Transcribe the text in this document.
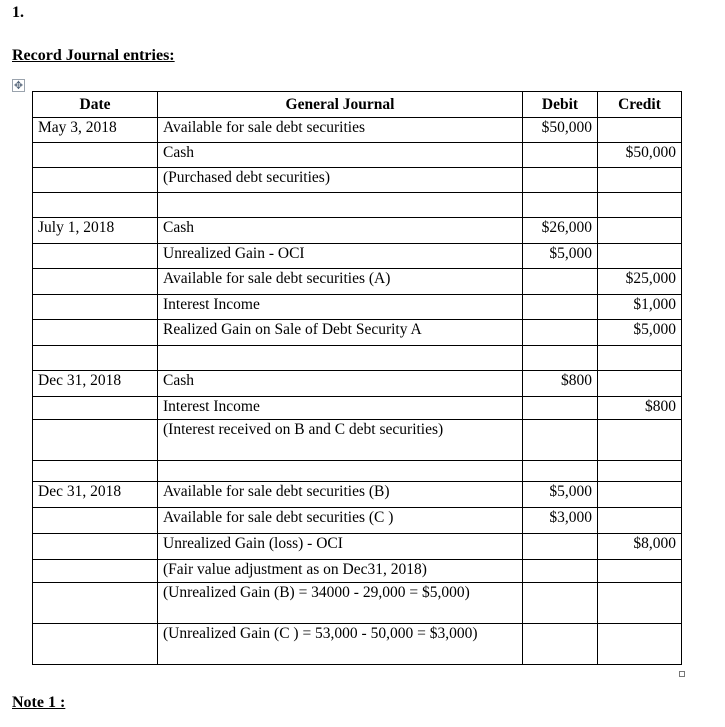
1.
Record Journal entries:
✥
Date	General Journal	Debit	Credit
May 3, 2018	Available for sale debt securities	$50,000	
	Cash		$50,000
	(Purchased debt securities)		

July 1, 2018	Cash	$26,000	
	Unrealized Gain - OCI	$5,000	
	Available for sale debt securities (A)		$25,000
	Interest Income		$1,000
	Realized Gain on Sale of Debt Security A		$5,000

Dec 31, 2018	Cash	$800	
	Interest Income		$800
	(Interest received on B and C debt securities)		

Dec 31, 2018	Available for sale debt securities (B)	$5,000	
	Available for sale debt securities (C )	$3,000	
	Unrealized Gain (loss) - OCI		$8,000
	(Fair value adjustment as on Dec31, 2018)		
	(Unrealized Gain (B) = 34000 - 29,000 = $5,000)		
	(Unrealized Gain (C ) = 53,000 - 50,000 = $3,000)		
Note 1 :
